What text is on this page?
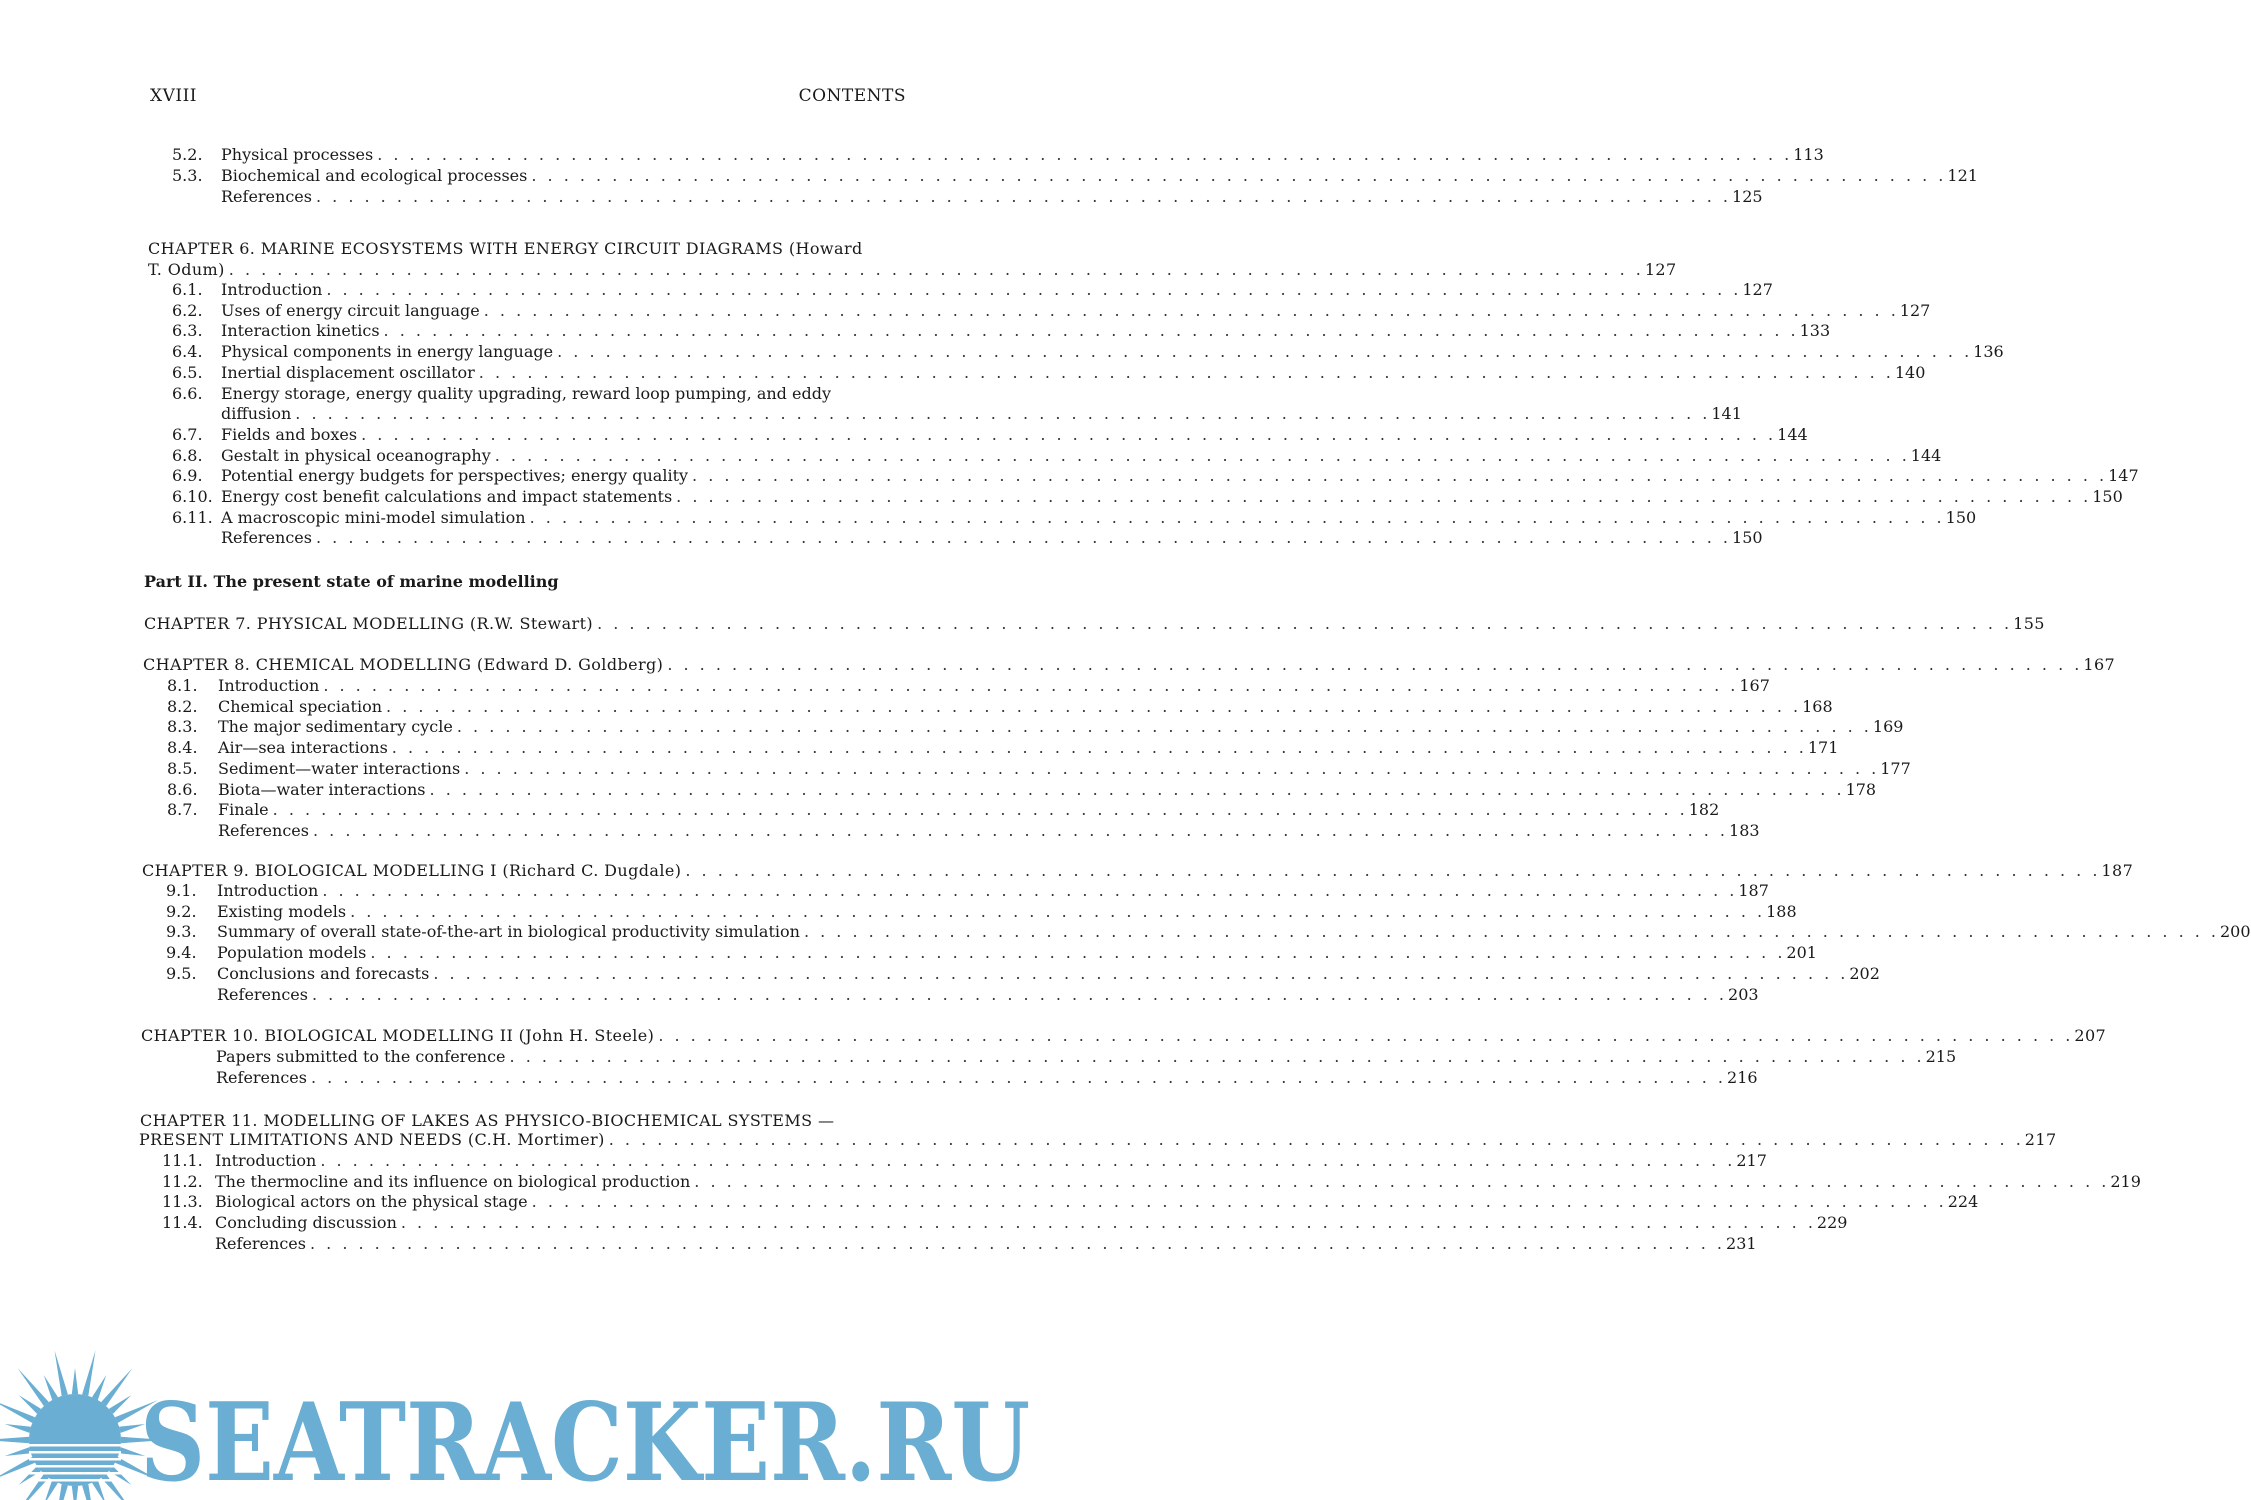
XVIII	CONTENTS
5.2. Physical processes . . .	113
5.3. Biochemical and ecological processes . . .	121
References . . .	125
CHAPTER 6. MARINE ECOSYSTEMS WITH ENERGY CIRCUIT DIAGRAMS (Howard
T. Odum) . . .	127
6.1. Introduction . . .	127
6.2. Uses of energy circuit language . . .	127
6.3. Interaction kinetics . . .	133
6.4. Physical components in energy language . . .	136
6.5. Inertial displacement oscillator . . .	140
6.6. Energy storage, energy quality upgrading, reward loop pumping, and eddy
diffusion . . .	141
6.7. Fields and boxes . . .	144
6.8. Gestalt in physical oceanography . . .	144
6.9. Potential energy budgets for perspectives; energy quality . . .	147
6.10. Energy cost benefit calculations and impact statements . . .	150
6.11. A macroscopic mini-model simulation . . .	150
References . . .	150
Part II. The present state of marine modelling
CHAPTER 7. PHYSICAL MODELLING (R.W. Stewart) . . .	155
CHAPTER 8. CHEMICAL MODELLING (Edward D. Goldberg) . . .	167
8.1. Introduction . . .	167
8.2. Chemical speciation . . .	168
8.3. The major sedimentary cycle . . .	169
8.4. Air—sea interactions . . .	171
8.5. Sediment—water interactions . . .	177
8.6. Biota—water interactions . . .	178
8.7. Finale . . .	182
References . . .	183
CHAPTER 9. BIOLOGICAL MODELLING I (Richard C. Dugdale) . . .	187
9.1. Introduction . . .	187
9.2. Existing models . . .	188
9.3. Summary of overall state-of-the-art in biological productivity simulation . . .	200
9.4. Population models . . .	201
9.5. Conclusions and forecasts . . .	202
References . . .	203
CHAPTER 10. BIOLOGICAL MODELLING II (John H. Steele) . . .	207
Papers submitted to the conference . . .	215
References . . .	216
CHAPTER 11. MODELLING OF LAKES AS PHYSICO-BIOCHEMICAL SYSTEMS —
PRESENT LIMITATIONS AND NEEDS (C.H. Mortimer) . . .	217
11.1. Introduction . . .	217
11.2. The thermocline and its influence on biological production . . .	219
11.3. Biological actors on the physical stage . . .	224
11.4. Concluding discussion . . .	229
References . . .	231
SEATRACKER.RU
